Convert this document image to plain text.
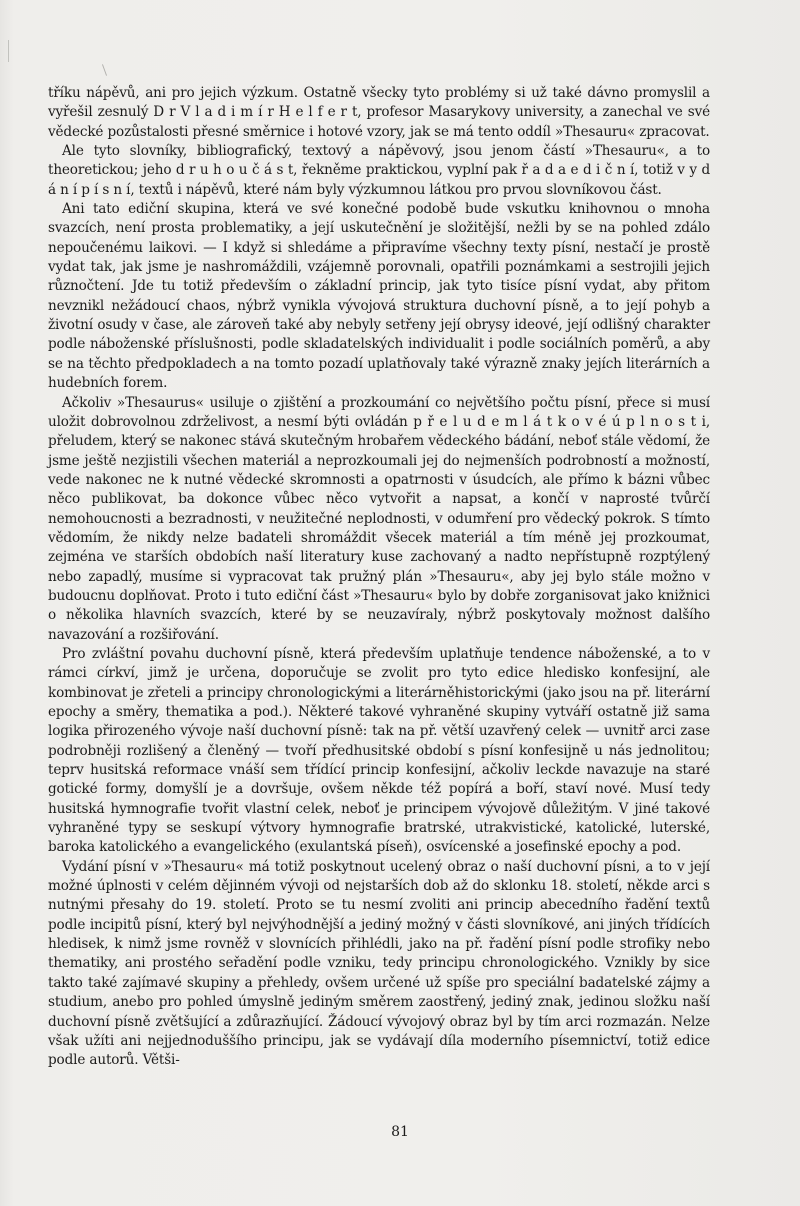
tříku nápěvů, ani pro jejich výzkum. Ostatně všecky tyto problémy si už také dávno promyslil a vyřešil zesnulý D r V l a d i m í r H e l f e r t, profesor Masarykovy university, a zanechal ve své vědecké pozůstalosti přesné směrnice i hotové vzory, jak se má tento oddíl »Thesauru« zpracovat.

Ale tyto slovníky, bibliografický, textový a nápěvový, jsou jenom částí »Thesauru«, a to theoretickou; jeho d r u h o u č á s t, řekněme praktickou, vyplní pak ř a d a e d i č n í, totiž v y d á n í p í s n í, textů i nápěvů, které nám byly výzkumnou látkou pro prvou slovníkovou část.

Ani tato ediční skupina, která ve své konečné podobě bude vskutku knihovnou o mnoha svazcích, není prosta problematiky, a její uskutečnění je složitější, nežli by se na pohled zdálo nepoučenému laikovi. — I když si shledáme a připravíme všechny texty písní, nestačí je prostě vydat tak, jak jsme je nashromáždili, vzájemně porovnali, opatřili poznámkami a sestrojili jejich různočtení. Jde tu totiž především o základní princip, jak tyto tisíce písní vydat, aby přitom nevznikl nežádoucí chaos, nýbrž vynikla vývojová struktura duchovní písně, a to její pohyb a životní osudy v čase, ale zároveň také aby nebyly setřeny její obrysy ideové, její odlišný charakter podle náboženské příslušnosti, podle skladatelských individualit i podle sociálních poměrů, a aby se na těchto předpokladech a na tomto pozadí uplatňovaly také výrazně znaky jejích literárních a hudebních forem.

Ačkoliv »Thesaurus« usiluje o zjištění a prozkoumání co největšího počtu písní, přece si musí uložit dobrovolnou zdrželivost, a nesmí býti ovládán p ř e l u d e m l á t k o v é ú p l n o s t i, přeludem, který se nakonec stává skutečným hrobařem vědeckého bádání, neboť stále vědomí, že jsme ještě nezjistili všechen materiál a neprozkoumali jej do nejmenších podrobností a možností, vede nakonec ne k nutné vědecké skromnosti a opatrnosti v úsudcích, ale přímo k bázni vůbec něco publikovat, ba dokonce vůbec něco vytvořit a napsat, a končí v naprosté tvůrčí nemohoucnosti a bezradnosti, v neužitečné neplodnosti, v odumření pro vědecký pokrok. S tímto vědomím, že nikdy nelze badateli shromáždit všecek materiál a tím méně jej prozkoumat, zejména ve starších obdobích naší literatury kuse zachovaný a nadto nepřístupně rozptýlený nebo zapadlý, musíme si vypracovat tak pružný plán »Thesauru«, aby jej bylo stále možno v budoucnu doplňovat. Proto i tuto ediční část »Thesauru« bylo by dobře zorganisovat jako knižnici o několika hlavních svazcích, které by se neuzavíraly, nýbrž poskytovaly možnost dalšího navazování a rozšiřování.

Pro zvláštní povahu duchovní písně, která především uplatňuje tendence náboženské, a to v rámci církví, jimž je určena, doporučuje se zvolit pro tyto edice hledisko konfesijní, ale kombinovat je zřeteli a principy chronologickými a literárněhistorickými (jako jsou na př. literární epochy a směry, thematika a pod.). Některé takové vyhraněné skupiny vytváří ostatně již sama logika přirozeného vývoje naší duchovní písně: tak na př. větší uzavřený celek — uvnitř arci zase podrobněji rozlišený a členěný — tvoří předhusitské období s písní konfesijně u nás jednolitou; teprv husitská reformace vnáší sem třídící princip konfesijní, ačkoliv leckde navazuje na staré gotické formy, domyšlí je a dovršuje, ovšem někde též popírá a boří, staví nové. Musí tedy husitská hymnografie tvořit vlastní celek, neboť je principem vývojově důležitým. V jiné takové vyhraněné typy se seskupí výtvory hymnografie bratrské, utrakvistické, katolické, luterské, baroka katolického a evangelického (exulantská píseň), osvícenské a josefinské epochy a pod.

Vydání písní v »Thesauru« má totiž poskytnout ucelený obraz o naší duchovní písni, a to v její možné úplnosti v celém dějinném vývoji od nejstarších dob až do sklonku 18. století, někde arci s nutnými přesahy do 19. století. Proto se tu nesmí zvoliti ani princip abecedního řadění textů podle incipitů písní, který byl nejvýhodnější a jediný možný v části slovníkové, ani jiných třídících hledisek, k nimž jsme rovněž v slovnících přihlédli, jako na př. řadění písní podle strofiky nebo thematiky, ani prostého seřadění podle vzniku, tedy principu chronologického. Vznikly by sice takto také zajímavé skupiny a přehledy, ovšem určené už spíše pro speciální badatelské zájmy a studium, anebo pro pohled úmyslně jediným směrem zaostřený, jediný znak, jedinou složku naší duchovní písně zvětšující a zdůrazňující. Žádoucí vývojový obraz byl by tím arci rozmazán. Nelze však užíti ani nejjednoduššího principu, jak se vydávají díla moderního písemnictví, totiž edice podle autorů. Větši-

81
